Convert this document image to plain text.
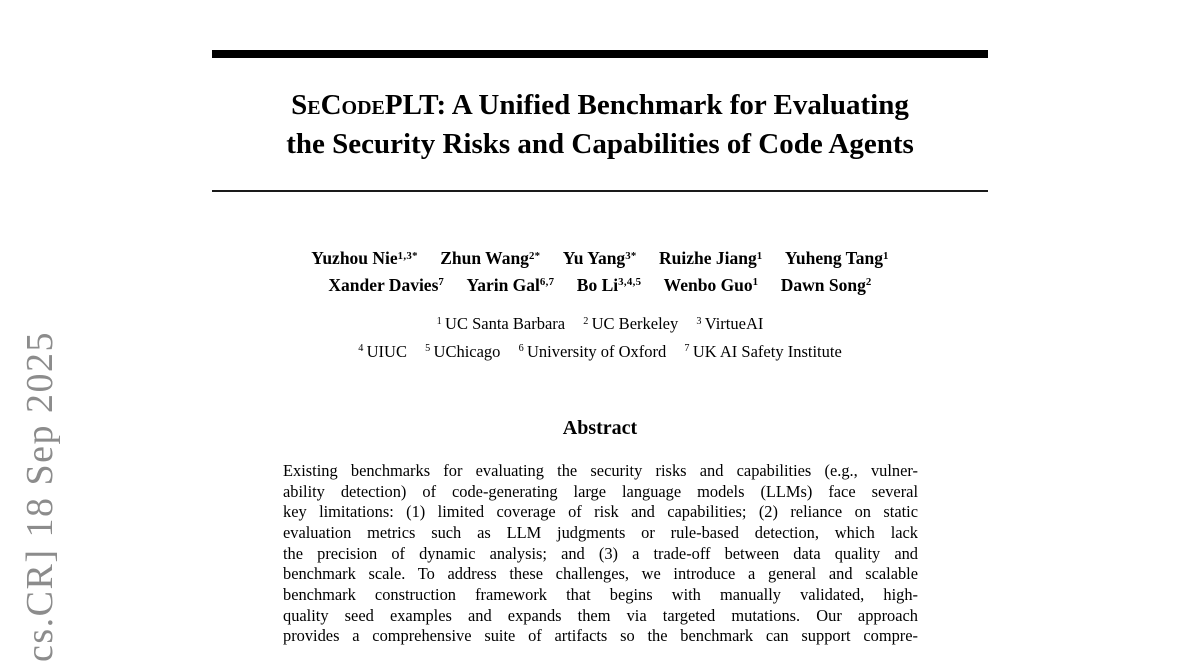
cs.CR] 18 Sep 2025
SeCodePLT: A Unified Benchmark for Evaluating
the Security Risks and Capabilities of Code Agents
Yuzhou Nie$^{1,3*}$ Zhun Wang$^{2*}$ Yu Yang$^{3*}$ Ruizhe Jiang$^1$ Yuheng Tang$^1$
Xander Davies$^7$ Yarin Gal$^{6,7}$ Bo Li$^{3,4,5}$ Wenbo Guo$^1$ Dawn Song$^2$
$^1$ UC Santa Barbara $^2$ UC Berkeley $^3$ VirtueAI
$^4$ UIUC $^5$ UChicago $^6$ University of Oxford $^7$ UK AI Safety Institute
Abstract
Existing benchmarks for evaluating the security risks and capabilities (e.g., vulner-
ability detection) of code-generating large language models (LLMs) face several
key limitations: (1) limited coverage of risk and capabilities; (2) reliance on static
evaluation metrics such as LLM judgments or rule-based detection, which lack
the precision of dynamic analysis; and (3) a trade-off between data quality and
benchmark scale. To address these challenges, we introduce a general and scalable
benchmark construction framework that begins with manually validated, high-
quality seed examples and expands them via targeted mutations. Our approach
provides a comprehensive suite of artifacts so the benchmark can support compre-
